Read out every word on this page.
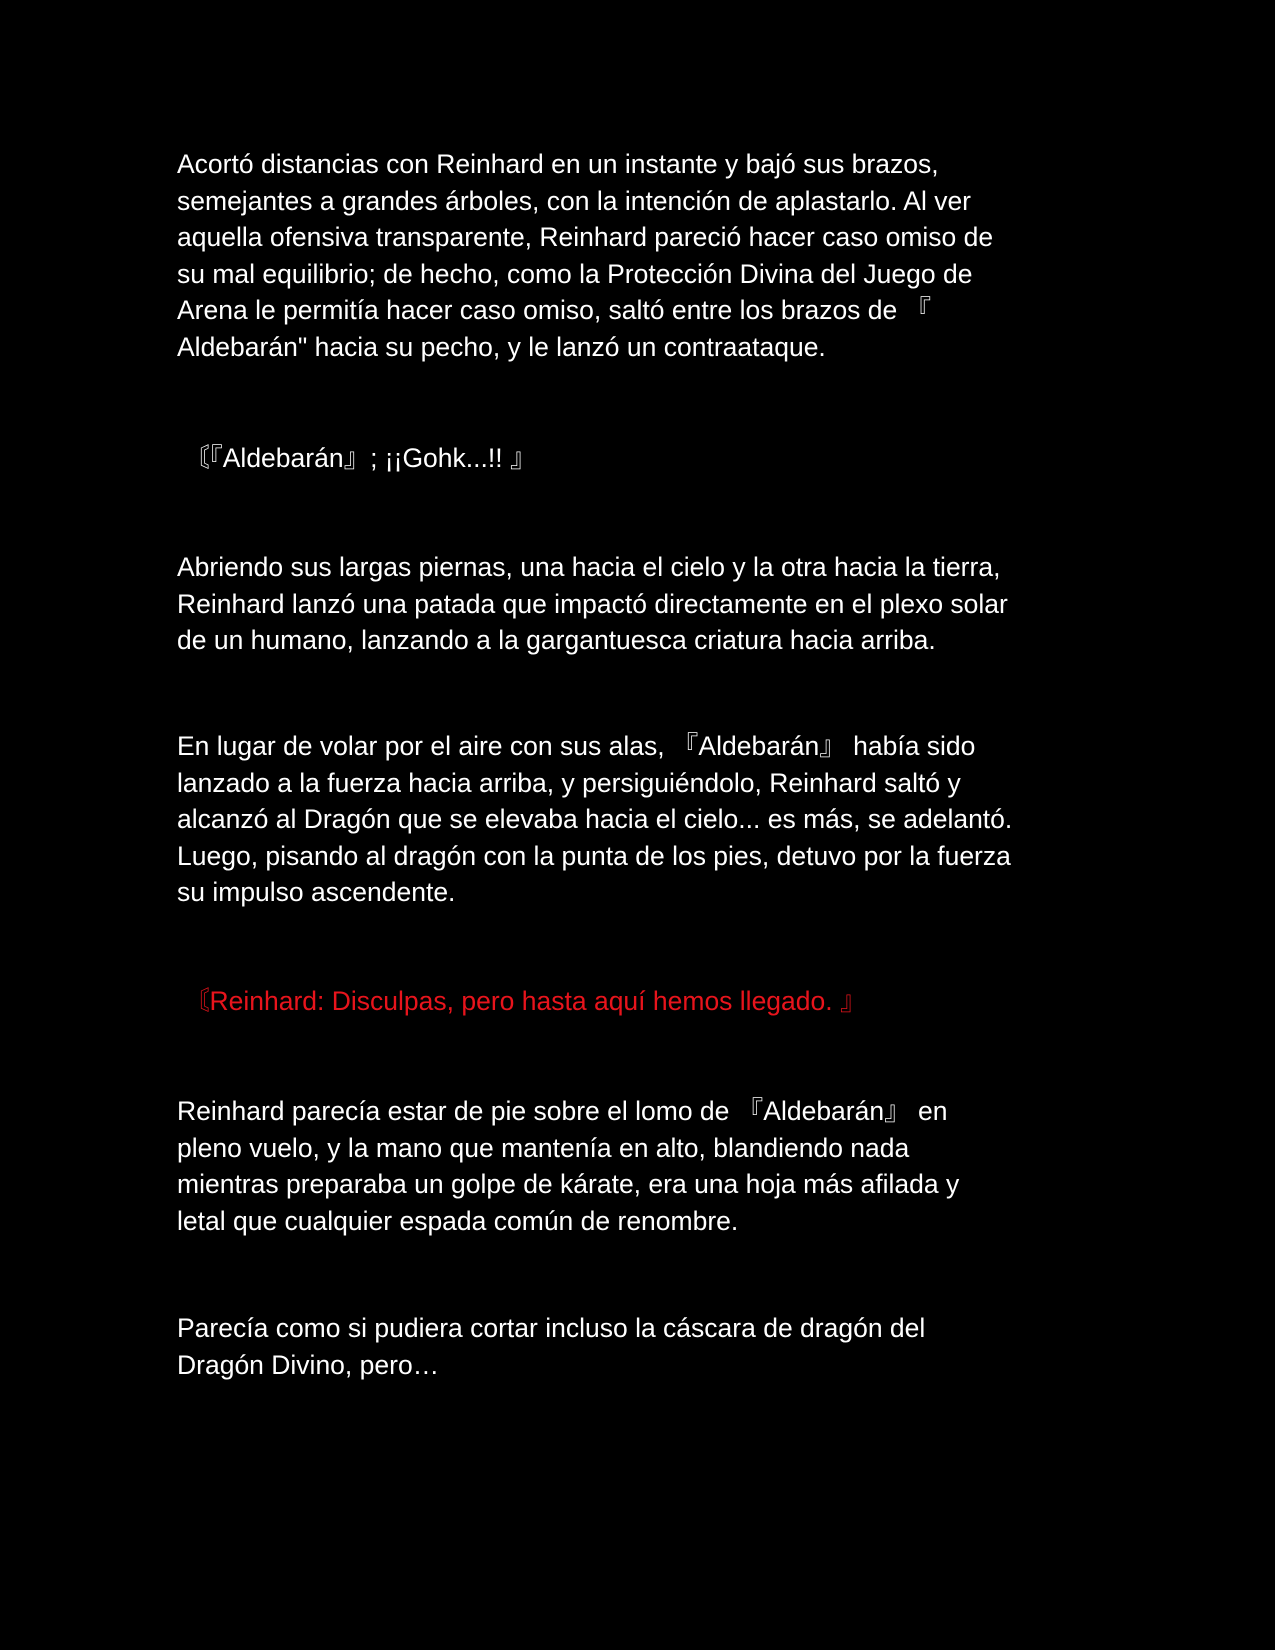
Acortó distancias con Reinhard en un instante y bajó sus brazos,
semejantes a grandes árboles, con la intención de aplastarlo. Al ver
aquella ofensiva transparente, Reinhard pareció hacer caso omiso de
su mal equilibrio; de hecho, como la Protección Divina del Juego de
Arena le permitía hacer caso omiso, saltó entre los brazos de 『
Aldebarán" hacia su pecho, y le lanzó un contraataque.

〘『Aldebarán』; ¡¡Gohk...!! 』

Abriendo sus largas piernas, una hacia el cielo y la otra hacia la tierra,
Reinhard lanzó una patada que impactó directamente en el plexo solar
de un humano, lanzando a la gargantuesca criatura hacia arriba.

En lugar de volar por el aire con sus alas, 『Aldebarán』 había sido
lanzado a la fuerza hacia arriba, y persiguiéndolo, Reinhard saltó y
alcanzó al Dragón que se elevaba hacia el cielo... es más, se adelantó.
Luego, pisando al dragón con la punta de los pies, detuvo por la fuerza
su impulso ascendente.

〘Reinhard: Disculpas, pero hasta aquí hemos llegado. 』

Reinhard parecía estar de pie sobre el lomo de 『Aldebarán』 en
pleno vuelo, y la mano que mantenía en alto, blandiendo nada
mientras preparaba un golpe de kárate, era una hoja más afilada y
letal que cualquier espada común de renombre.

Parecía como si pudiera cortar incluso la cáscara de dragón del
Dragón Divino, pero…
